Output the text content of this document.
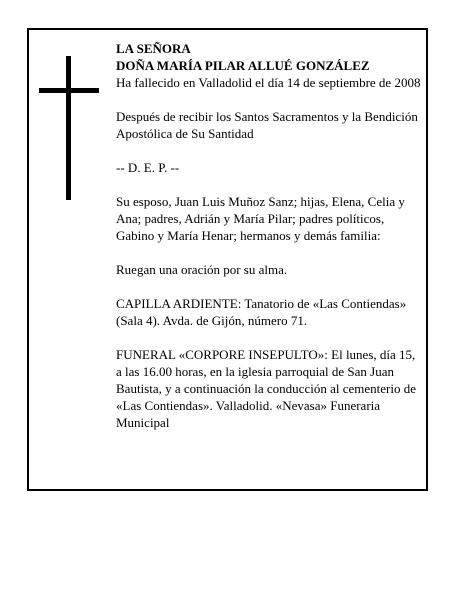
LA SEÑORA

DOÑA MARÍA PILAR ALLUÉ GONZÁLEZ

Ha fallecido en Valladolid el día 14 de septiembre de 2008

Después de recibir los Santos Sacramentos y la Bendición Apostólica de Su Santidad

-- D. E. P. --

Su esposo, Juan Luis Muñoz Sanz; hijas, Elena, Celia y Ana; padres, Adrián y María Pilar; padres políticos, Gabino y María Henar; hermanos y demás familia:

Ruegan una oración por su alma.

CAPILLA ARDIENTE: Tanatorio de «Las Contiendas» (Sala 4). Avda. de Gijón, número 71.

FUNERAL «CORPORE INSEPULTO»: El lunes, día 15, a las 16.00 horas, en la iglesia parroquial de San Juan Bautista, y a continuación la conducción al cementerio de «Las Contiendas». Valladolid. «Nevasa» Funeraria Municipal
